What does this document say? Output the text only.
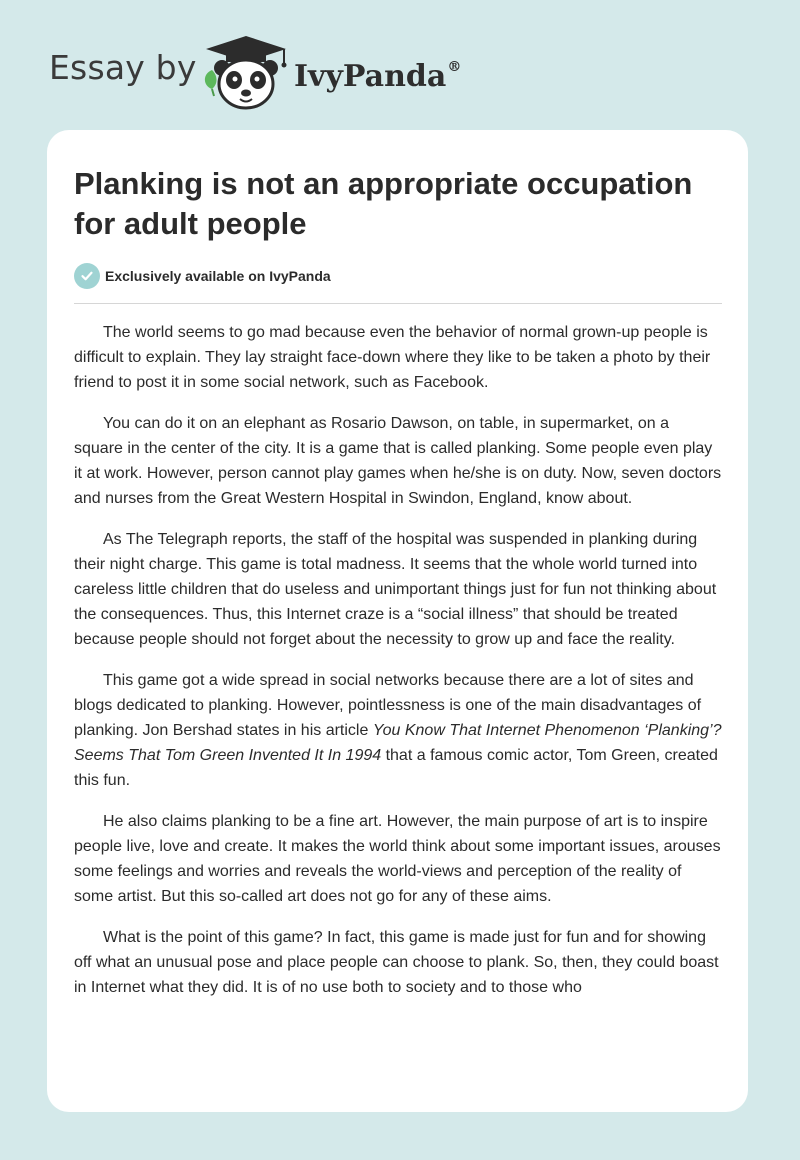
Essay by	IvyPanda®
Planking is not an appropriate occupation for adult people
Exclusively available on IvyPanda

The world seems to go mad because even the behavior of normal grown-up people is difficult to explain. They lay straight face-down where they like to be taken a photo by their friend to post it in some social network, such as Facebook.

You can do it on an elephant as Rosario Dawson, on table, in supermarket, on a square in the center of the city. It is a game that is called planking. Some people even play it at work. However, person cannot play games when he/she is on duty. Now, seven doctors and nurses from the Great Western Hospital in Swindon, England, know about.

As The Telegraph reports, the staff of the hospital was suspended in planking during their night charge. This game is total madness. It seems that the whole world turned into careless little children that do useless and unimportant things just for fun not thinking about the consequences. Thus, this Internet craze is a “social illness” that should be treated because people should not forget about the necessity to grow up and face the reality.

This game got a wide spread in social networks because there are a lot of sites and blogs dedicated to planking. However, pointlessness is one of the main disadvantages of planking. Jon Bershad states in his article You Know That Internet Phenomenon ‘Planking’? Seems That Tom Green Invented It In 1994 that a famous comic actor, Tom Green, created this fun.

He also claims planking to be a fine art. However, the main purpose of art is to inspire people live, love and create. It makes the world think about some important issues, arouses some feelings and worries and reveals the world-views and perception of the reality of some artist. But this so-called art does not go for any of these aims.

What is the point of this game? In fact, this game is made just for fun and for showing off what an unusual pose and place people can choose to plank. So, then, they could boast in Internet what they did. It is of no use both to society and to those who
